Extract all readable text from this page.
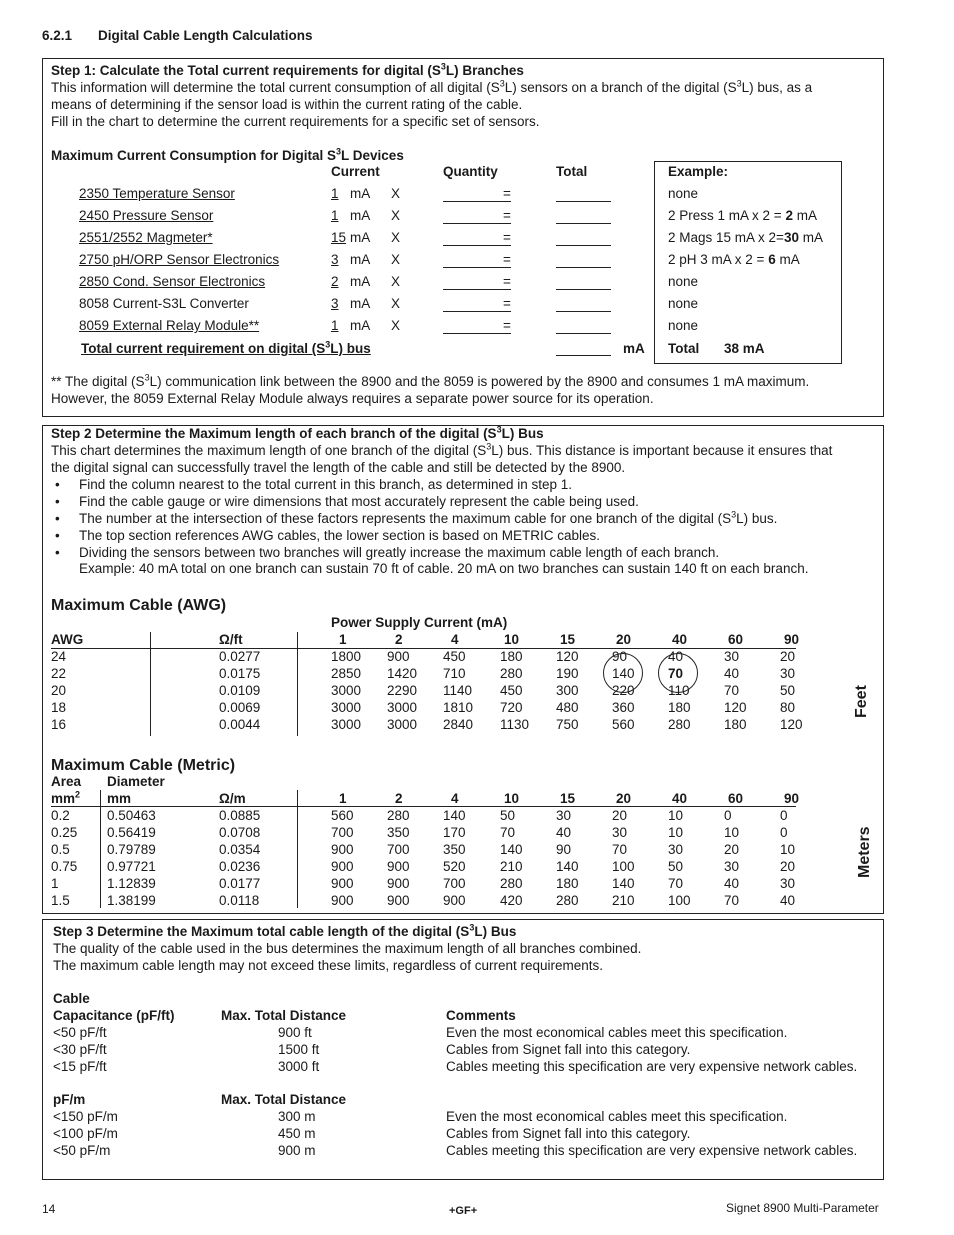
6.2.1 Digital Cable Length Calculations
Step 1: Calculate the Total current requirements for digital $(S^3L)$ Branches
This information will determine the total current consumption of all digital $(S^3L)$ sensors on a branch of the digital $(S^3L)$ bus, as a
means of determining if the sensor load is within the current rating of the cable.
Fill in the chart to determine the current requirements for a specific set of sensors.
Maximum Current Consumption for Digital $S^3L$ Devices
Current	Quantity	Total	Example:
2350 Temperature Sensor	1 mA X	=	none
2450 Pressure Sensor	1 mA X	=	2 Press 1 mA x 2 = 2 mA
2551/2552 Magmeter*	15 mA X	=	2 Mags 15 mA x 2=30 mA
2750 pH/ORP Sensor Electronics	3 mA X	=	2 pH 3 mA x 2 = 6 mA
2850 Cond. Sensor Electronics	2 mA X	=	none
8058 Current-S3L Converter	3 mA X	=	none
8059 External Relay Module**	1 mA X	=	none
Total current requirement on digital $(S^3L)$ bus	mA Total 38 mA
** The digital $(S^3L)$ communication link between the 8900 and the 8059 is powered by the 8900 and consumes 1 mA maximum.
However, the 8059 External Relay Module always requires a separate power source for its operation.
Step 2 Determine the Maximum length of each branch of the digital $(S^3L)$ Bus
This chart determines the maximum length of one branch of the digital $(S^3L)$ bus. This distance is important because it ensures that
the digital signal can successfully travel the length of the cable and still be detected by the 8900.
• Find the column nearest to the total current in this branch, as determined in step 1.
• Find the cable gauge or wire dimensions that most accurately represent the cable being used.
• The number at the intersection of these factors represents the maximum cable for one branch of the digital $(S^3L)$ bus.
• The top section references AWG cables, the lower section is based on METRIC cables.
• Dividing the sensors between two branches will greatly increase the maximum cable length of each branch.
Example: 40 mA total on one branch can sustain 70 ft of cable. 20 mA on two branches can sustain 140 ft on each branch.
Maximum Cable (AWG)
Power Supply Current (mA)
AWG	Ω/ft	1	2	4	10	15	20	40	60	90
24	0.0277	1800 900 450	180 120 90	40	30	20
22	0.0175	2850 1420 710	280 190 140 70	40	30
20	0.0109	3000 2290 1140 450 300 220 110	70	50
18	0.0069	3000 3000 1810 720 480 360 180 120 80
16	0.0044	3000 3000 2840 1130 750 560 280 180 120
Feet
Maximum Cable (Metric)
Area Diameter
$mm^2$ mm	Ω/m	1	2	4	10	15	20	40	60	90
0.2	0.50463	0.0885	560 280 140	50	30	20	10	0	0
0.25 0.56419	0.0708	700 350 170	70	40	30	10	10	0
0.5	0.79789	0.0354	900 700 350	140 90	70	30	20	10
0.75 0.97721	0.0236	900 900 520	210 140 100 50	30	20
1	1.12839	0.0177	900 900 700	280 180 140 70	40	30
1.5	1.38199	0.0118	900 900 900	420 280 210 100 70	40
Meters
Step 3 Determine the Maximum total cable length of the digital $(S^3L)$ Bus
The quality of the cable used in the bus determines the maximum length of all branches combined.
The maximum cable length may not exceed these limits, regardless of current requirements.
Cable
Capacitance (pF/ft)	Max. Total Distance	Comments
<50 pF/ft	900 ft	Even the most economical cables meet this specification.
<30 pF/ft	1500 ft	Cables from Signet fall into this category.
<15 pF/ft	3000 ft	Cables meeting this specification are very expensive network cables.
pF/m	Max. Total Distance
<150 pF/m	300 m	Even the most economical cables meet this specification.
<100 pF/m	450 m	Cables from Signet fall into this category.
<50 pF/m	900 m	Cables meeting this specification are very expensive network cables.
14	+GF+	Signet 8900 Multi-Parameter
